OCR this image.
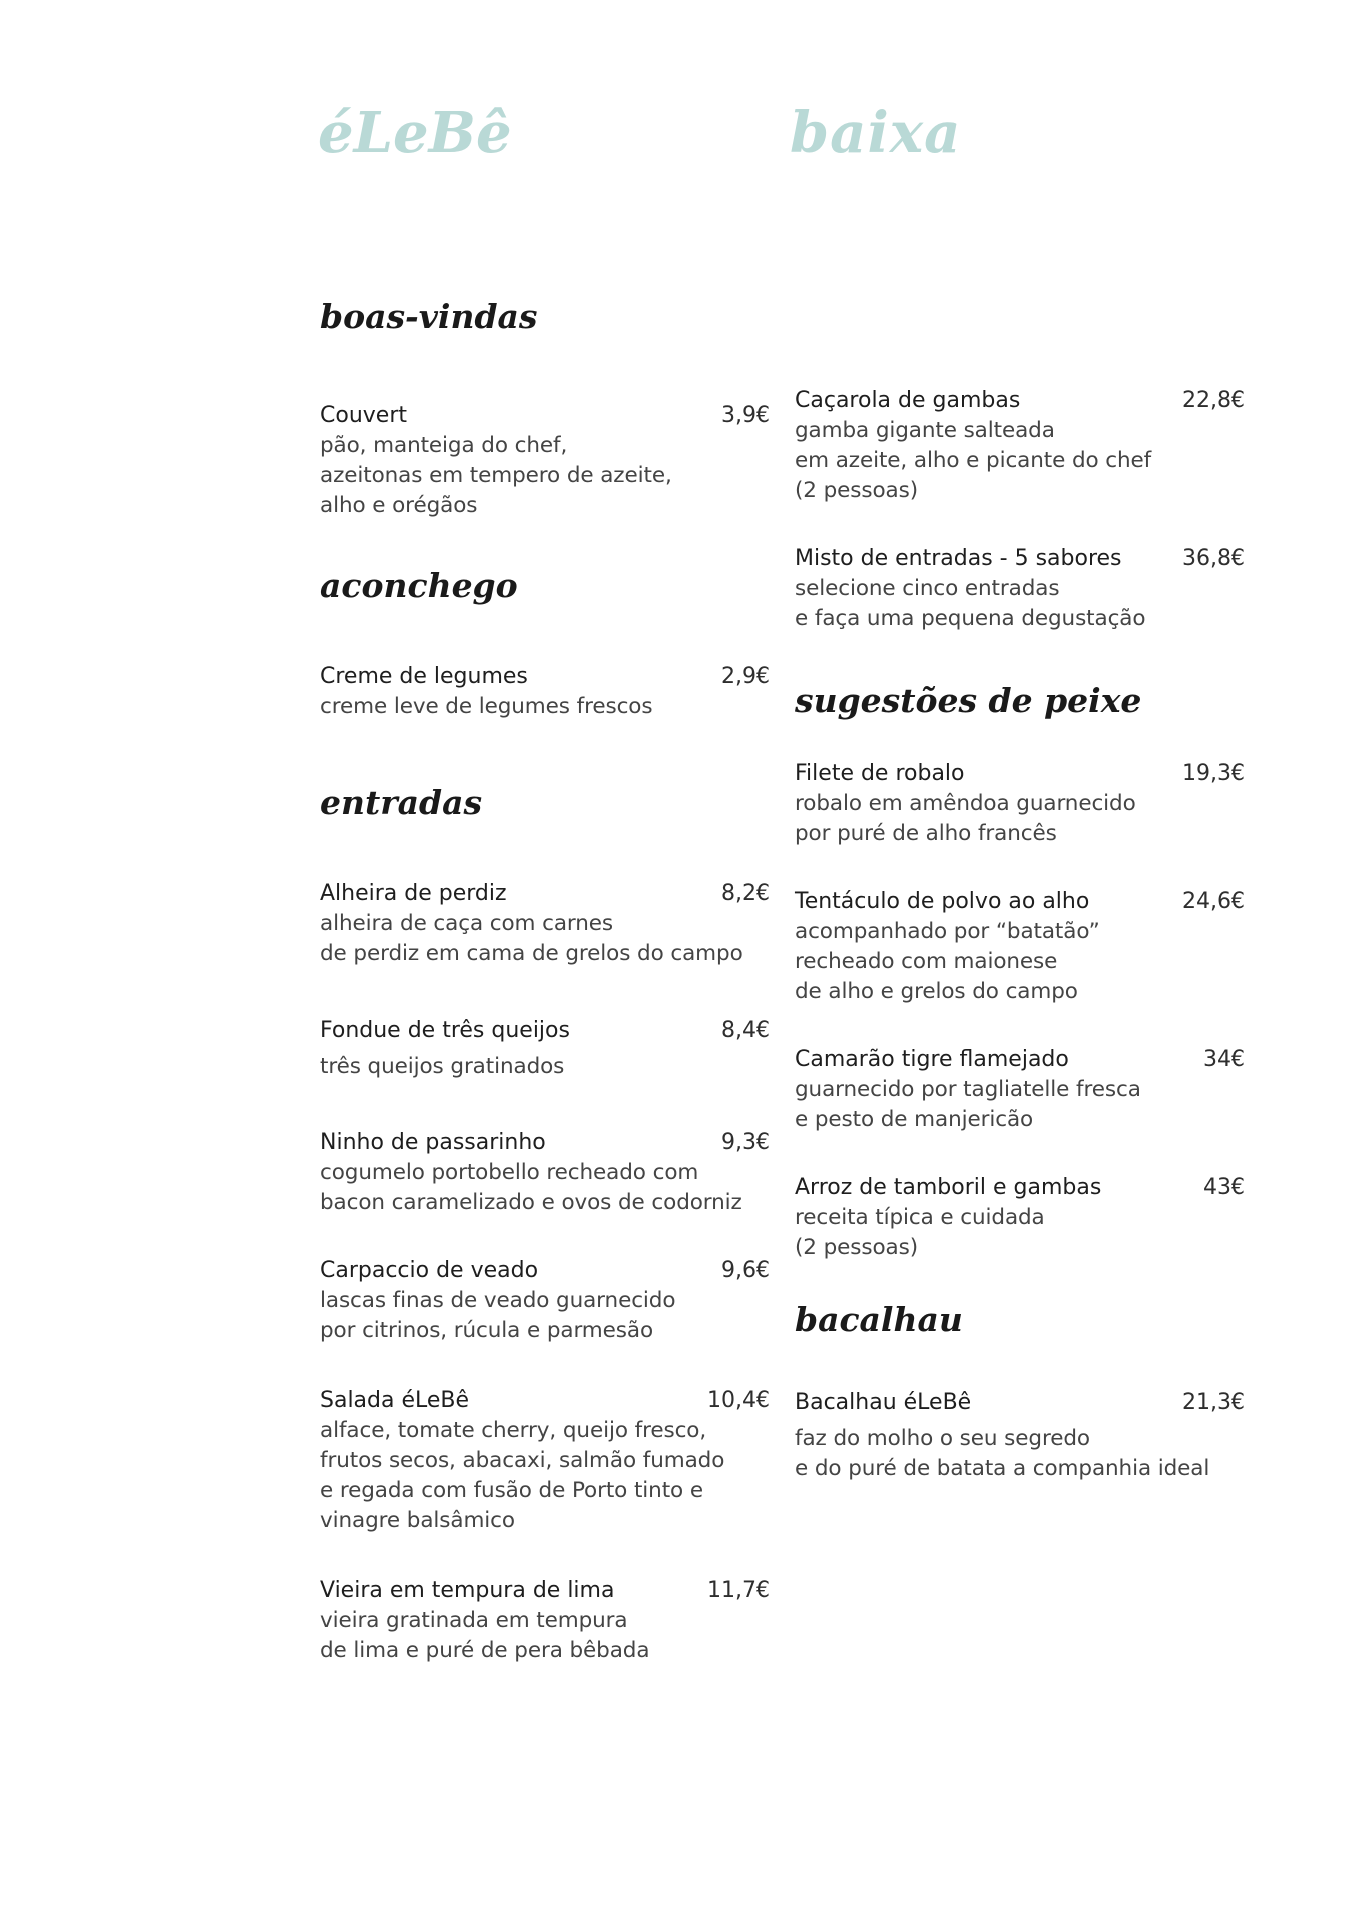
éLeBê	baixa
boas-vindas
Couvert	3,9€
pão, manteiga do chef,
azeitonas em tempero de azeite,
alho e orégãos
aconchego
Creme de legumes	2,9€
creme leve de legumes frescos
entradas
Alheira de perdiz	8,2€
alheira de caça com carnes
de perdiz em cama de grelos do campo
Fondue de três queijos	8,4€
três queijos gratinados
Ninho de passarinho	9,3€
cogumelo portobello recheado com
bacon caramelizado e ovos de codorniz
Carpaccio de veado	9,6€
lascas finas de veado guarnecido
por citrinos, rúcula e parmesão
Salada éLeBê	10,4€
alface, tomate cherry, queijo fresco,
frutos secos, abacaxi, salmão fumado
e regada com fusão de Porto tinto e
vinagre balsâmico
Vieira em tempura de lima	11,7€
vieira gratinada em tempura
de lima e puré de pera bêbada
Caçarola de gambas	22,8€
gamba gigante salteada
em azeite, alho e picante do chef
(2 pessoas)
Misto de entradas - 5 sabores	36,8€
selecione cinco entradas
e faça uma pequena degustação
sugestões de peixe
Filete de robalo	19,3€
robalo em amêndoa guarnecido
por puré de alho francês
Tentáculo de polvo ao alho	24,6€
acompanhado por “batatão”
recheado com maionese
de alho e grelos do campo
Camarão tigre flamejado	34€
guarnecido por tagliatelle fresca
e pesto de manjericão
Arroz de tamboril e gambas	43€
receita típica e cuidada
(2 pessoas)
bacalhau
Bacalhau éLeBê	21,3€
faz do molho o seu segredo
e do puré de batata a companhia ideal
